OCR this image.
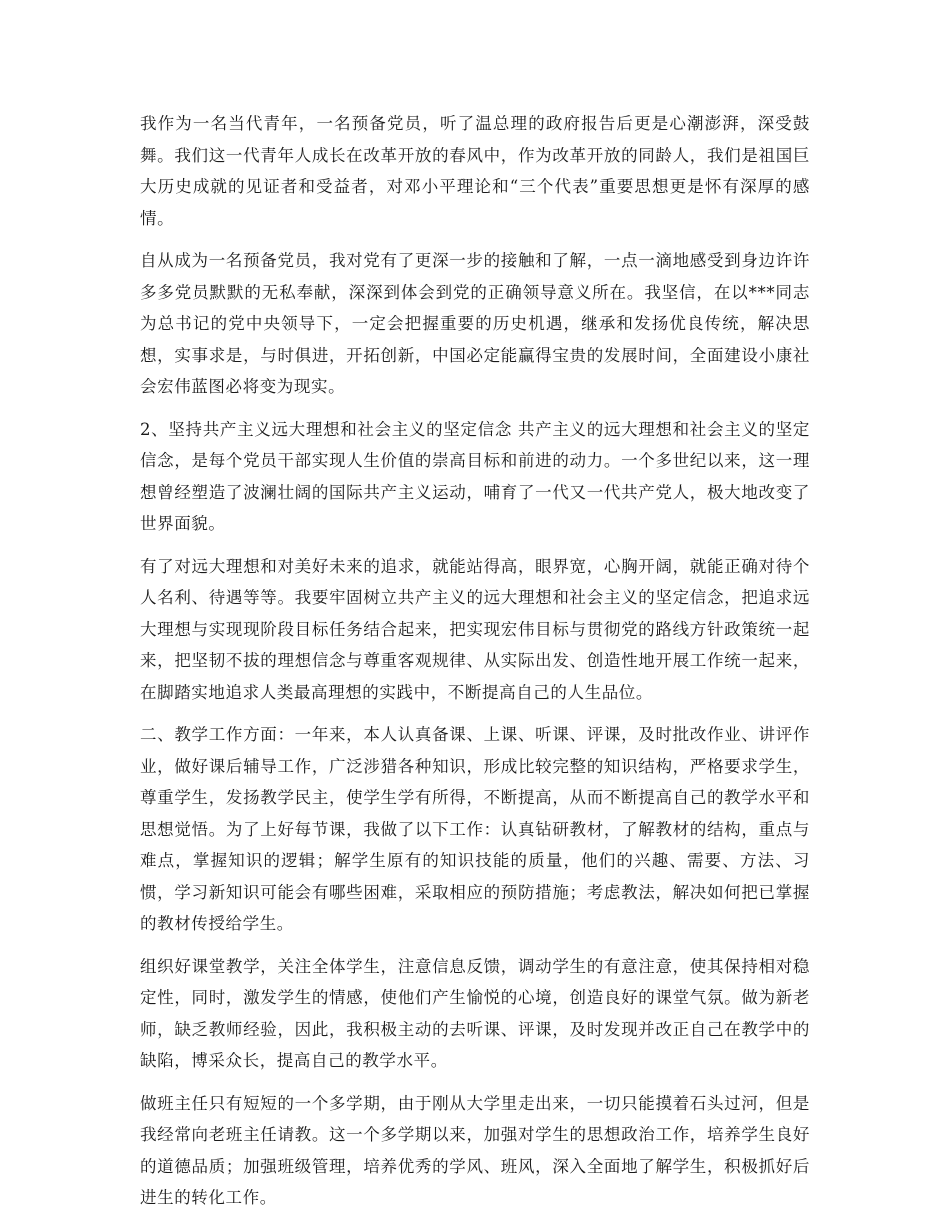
我作为一名当代青年，一名预备党员，听了温总理的政府报告后更是心潮澎湃，深受鼓舞。我们这一代青年人成长在改革开放的春风中，作为改革开放的同龄人，我们是祖国巨大历史成就的见证者和受益者，对邓小平理论和“三个代表”重要思想更是怀有深厚的感情。

自从成为一名预备党员，我对党有了更深一步的接触和了解，一点一滴地感受到身边许许多多党员默默的无私奉献，深深到体会到党的正确领导意义所在。我坚信，在以***同志为总书记的党中央领导下，一定会把握重要的历史机遇，继承和发扬优良传统，解决思想，实事求是，与时俱进，开拓创新，中国必定能赢得宝贵的发展时间，全面建设小康社会宏伟蓝图必将变为现实。

2、坚持共产主义远大理想和社会主义的坚定信念 共产主义的远大理想和社会主义的坚定信念，是每个党员干部实现人生价值的崇高目标和前进的动力。一个多世纪以来，这一理想曾经塑造了波澜壮阔的国际共产主义运动，哺育了一代又一代共产党人，极大地改变了世界面貌。

有了对远大理想和对美好未来的追求，就能站得高，眼界宽，心胸开阔，就能正确对待个人名利、待遇等等。我要牢固树立共产主义的远大理想和社会主义的坚定信念，把追求远大理想与实现现阶段目标任务结合起来，把实现宏伟目标与贯彻党的路线方针政策统一起来，把坚韧不拔的理想信念与尊重客观规律、从实际出发、创造性地开展工作统一起来，在脚踏实地追求人类最高理想的实践中，不断提高自己的人生品位。

二、教学工作方面：一年来，本人认真备课、上课、听课、评课，及时批改作业、讲评作业，做好课后辅导工作，广泛涉猎各种知识，形成比较完整的知识结构，严格要求学生，尊重学生，发扬教学民主，使学生学有所得，不断提高，从而不断提高自己的教学水平和思想觉悟。为了上好每节课，我做了以下工作：认真钻研教材，了解教材的结构，重点与难点，掌握知识的逻辑；解学生原有的知识技能的质量，他们的兴趣、需要、方法、习惯，学习新知识可能会有哪些困难，采取相应的预防措施；考虑教法，解决如何把已掌握的教材传授给学生。

组织好课堂教学，关注全体学生，注意信息反馈，调动学生的有意注意，使其保持相对稳定性，同时，激发学生的情感，使他们产生愉悦的心境，创造良好的课堂气氛。做为新老师，缺乏教师经验，因此，我积极主动的去听课、评课，及时发现并改正自己在教学中的缺陷，博采众长，提高自己的教学水平。

做班主任只有短短的一个多学期，由于刚从大学里走出来，一切只能摸着石头过河，但是我经常向老班主任请教。这一个多学期以来，加强对学生的思想政治工作，培养学生良好的道德品质；加强班级管理，培养优秀的学风、班风，深入全面地了解学生，积极抓好后进生的转化工作。
